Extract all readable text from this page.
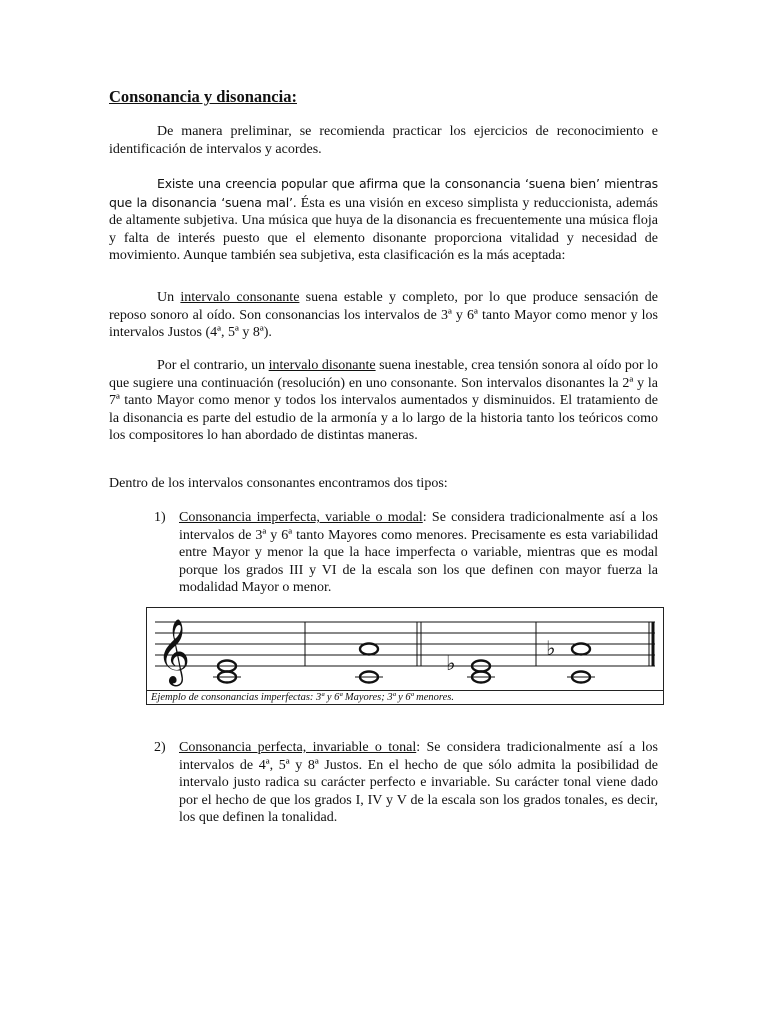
Consonancia y disonancia:

De manera preliminar, se recomienda practicar los ejercicios de reconocimiento e identificación de intervalos y acordes.

Existe una creencia popular que afirma que la consonancia ‘suena bien’ mientras que la disonancia ‘suena mal’. Ésta es una visión en exceso simplista y reduccionista, además de altamente subjetiva. Una música que huya de la disonancia es frecuentemente una música floja y falta de interés puesto que el elemento disonante proporciona vitalidad y necesidad de movimiento. Aunque también sea subjetiva, esta clasificación es la más aceptada:

Un intervalo consonante suena estable y completo, por lo que produce sensación de reposo sonoro al oído. Son consonancias los intervalos de 3ª y 6ª tanto Mayor como menor y los intervalos Justos (4ª, 5ª y 8ª).

Por el contrario, un intervalo disonante suena inestable, crea tensión sonora al oído por lo que sugiere una continuación (resolución) en uno consonante. Son intervalos disonantes la 2ª y la 7ª tanto Mayor como menor y todos los intervalos aumentados y disminuidos. El tratamiento de la disonancia es parte del estudio de la armonía y a lo largo de la historia tanto los teóricos como los compositores lo han abordado de distintas maneras.

Dentro de los intervalos consonantes encontramos dos tipos:

1) Consonancia imperfecta, variable o modal: Se considera tradicionalmente así a los intervalos de 3ª y 6ª tanto Mayores como menores. Precisamente es esta variabilidad entre Mayor y menor la que la hace imperfecta o variable, mientras que es modal porque los grados III y VI de la escala son los que definen con mayor fuerza la modalidad Mayor o menor.

𝄞	♭
♭
Ejemplo de consonancias imperfectas: 3ª y 6ª Mayores; 3ª y 6ª menores.
2) Consonancia perfecta, invariable o tonal: Se considera tradicionalmente así a los intervalos de 4ª, 5ª y 8ª Justos. En el hecho de que sólo admita la posibilidad de intervalo justo radica su carácter perfecto e invariable. Su carácter tonal viene dado por el hecho de que los grados I, IV y V de la escala son los grados tonales, es decir, los que definen la tonalidad.
